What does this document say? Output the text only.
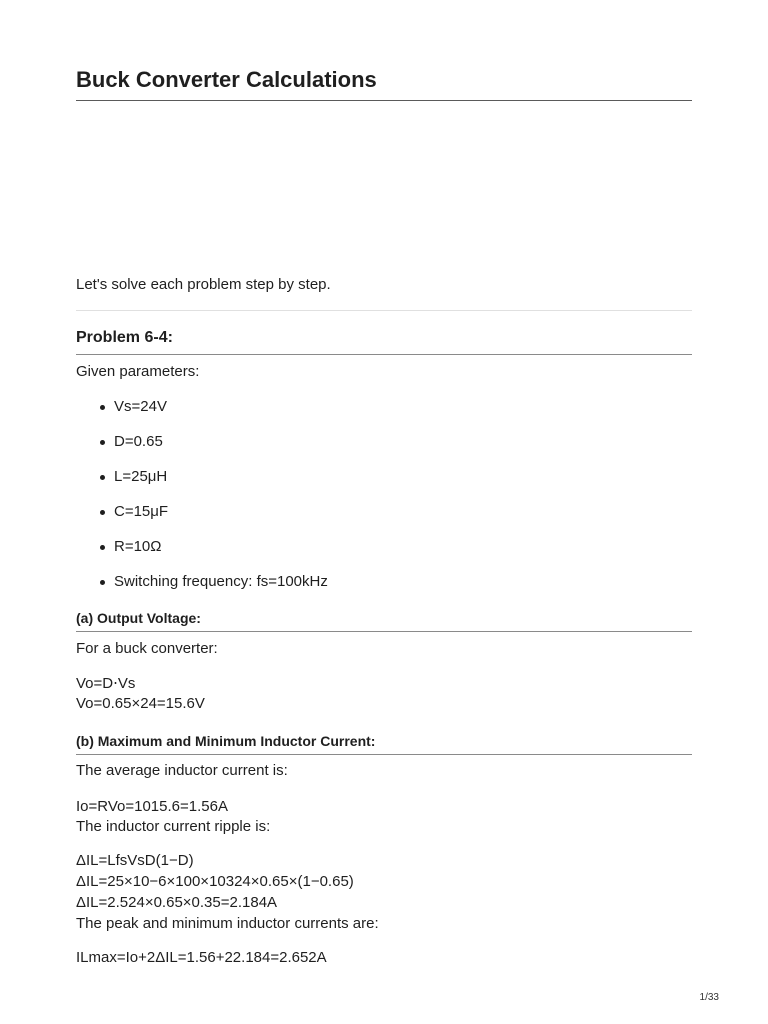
Buck Converter Calculations
Let's solve each problem step by step.
Problem 6-4:
Given parameters:
Vs=24V
D=0.65
L=25μH
C=15μF
R=10Ω
Switching frequency: fs=100kHz
(a) Output Voltage:
For a buck converter:
Vo=D⋅Vs
Vo=0.65×24=15.6V
(b) Maximum and Minimum Inductor Current:
The average inductor current is:
Io=RVo=1015.6=1.56A
The inductor current ripple is:
ΔIL=LfsVsD(1−D)
ΔIL=25×10−6×100×10324×0.65×(1−0.65)
ΔIL=2.524×0.65×0.35=2.184A
The peak and minimum inductor currents are:
ILmax=Io+2ΔIL=1.56+22.184=2.652A
1/33
